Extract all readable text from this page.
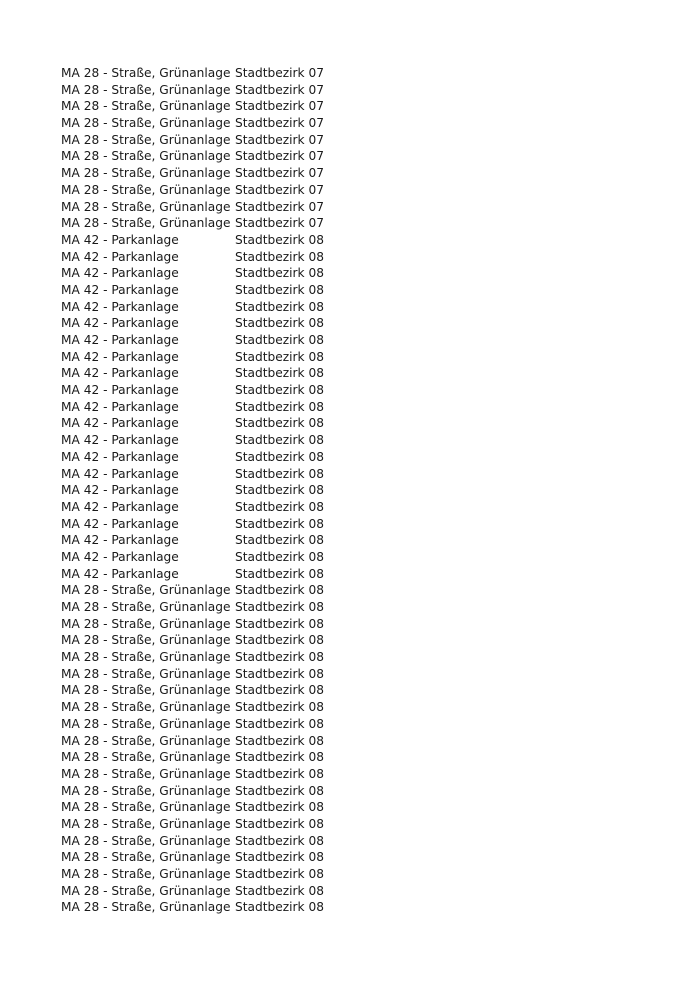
MA 28 - Straße, Grünanlage Stadtbezirk 07
MA 28 - Straße, Grünanlage Stadtbezirk 07
MA 28 - Straße, Grünanlage Stadtbezirk 07
MA 28 - Straße, Grünanlage Stadtbezirk 07
MA 28 - Straße, Grünanlage Stadtbezirk 07
MA 28 - Straße, Grünanlage Stadtbezirk 07
MA 28 - Straße, Grünanlage Stadtbezirk 07
MA 28 - Straße, Grünanlage Stadtbezirk 07
MA 28 - Straße, Grünanlage Stadtbezirk 07
MA 28 - Straße, Grünanlage Stadtbezirk 07
MA 42 - Parkanlage	Stadtbezirk 08
MA 42 - Parkanlage	Stadtbezirk 08
MA 42 - Parkanlage	Stadtbezirk 08
MA 42 - Parkanlage	Stadtbezirk 08
MA 42 - Parkanlage	Stadtbezirk 08
MA 42 - Parkanlage	Stadtbezirk 08
MA 42 - Parkanlage	Stadtbezirk 08
MA 42 - Parkanlage	Stadtbezirk 08
MA 42 - Parkanlage	Stadtbezirk 08
MA 42 - Parkanlage	Stadtbezirk 08
MA 42 - Parkanlage	Stadtbezirk 08
MA 42 - Parkanlage	Stadtbezirk 08
MA 42 - Parkanlage	Stadtbezirk 08
MA 42 - Parkanlage	Stadtbezirk 08
MA 42 - Parkanlage	Stadtbezirk 08
MA 42 - Parkanlage	Stadtbezirk 08
MA 42 - Parkanlage	Stadtbezirk 08
MA 42 - Parkanlage	Stadtbezirk 08
MA 42 - Parkanlage	Stadtbezirk 08
MA 42 - Parkanlage	Stadtbezirk 08
MA 42 - Parkanlage	Stadtbezirk 08
MA 28 - Straße, Grünanlage Stadtbezirk 08
MA 28 - Straße, Grünanlage Stadtbezirk 08
MA 28 - Straße, Grünanlage Stadtbezirk 08
MA 28 - Straße, Grünanlage Stadtbezirk 08
MA 28 - Straße, Grünanlage Stadtbezirk 08
MA 28 - Straße, Grünanlage Stadtbezirk 08
MA 28 - Straße, Grünanlage Stadtbezirk 08
MA 28 - Straße, Grünanlage Stadtbezirk 08
MA 28 - Straße, Grünanlage Stadtbezirk 08
MA 28 - Straße, Grünanlage Stadtbezirk 08
MA 28 - Straße, Grünanlage Stadtbezirk 08
MA 28 - Straße, Grünanlage Stadtbezirk 08
MA 28 - Straße, Grünanlage Stadtbezirk 08
MA 28 - Straße, Grünanlage Stadtbezirk 08
MA 28 - Straße, Grünanlage Stadtbezirk 08
MA 28 - Straße, Grünanlage Stadtbezirk 08
MA 28 - Straße, Grünanlage Stadtbezirk 08
MA 28 - Straße, Grünanlage Stadtbezirk 08
MA 28 - Straße, Grünanlage Stadtbezirk 08
MA 28 - Straße, Grünanlage Stadtbezirk 08
